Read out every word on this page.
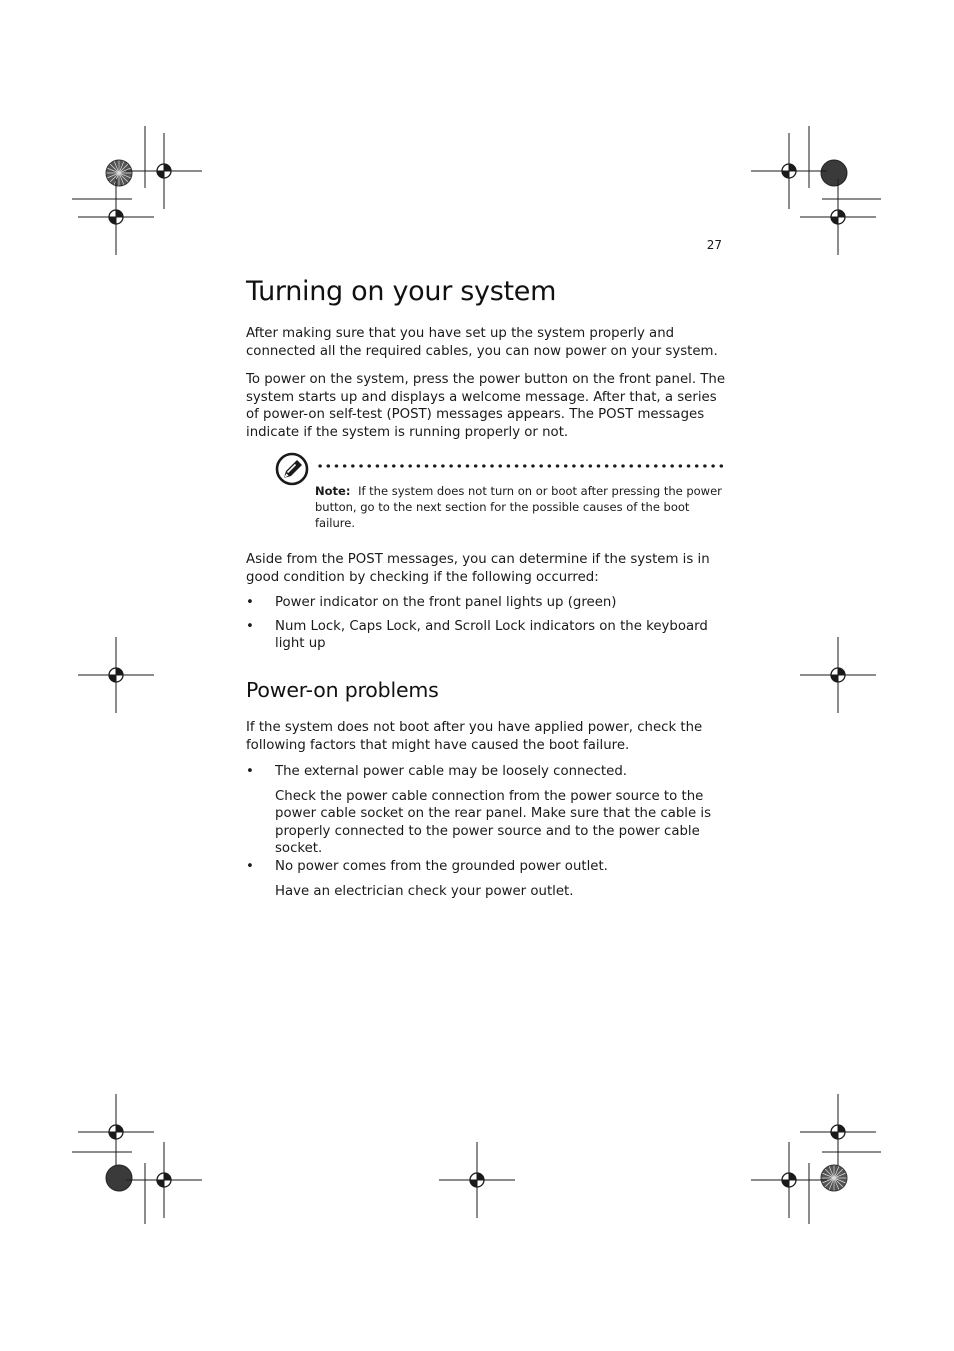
27
Turning on your system

After making sure that you have set up the system properly and connected all the required cables, you can now power on your system.

To power on the system, press the power button on the front panel. The system starts up and displays a welcome message. After that, a series of power-on self-test (POST) messages appears. The POST messages indicate if the system is running properly or not.

Note: If the system does not turn on or boot after pressing the power button, go to the next section for the possible causes of the boot failure.

Aside from the POST messages, you can determine if the system is in good condition by checking if the following occurred:

• Power indicator on the front panel lights up (green)
• Num Lock, Caps Lock, and Scroll Lock indicators on the keyboard light up
Power-on problems

If the system does not boot after you have applied power, check the following factors that might have caused the boot failure.

• The external power cable may be loosely connected.
Check the power cable connection from the power source to the power cable socket on the rear panel. Make sure that the cable is properly connected to the power source and to the power cable socket.
• No power comes from the grounded power outlet.
Have an electrician check your power outlet.
